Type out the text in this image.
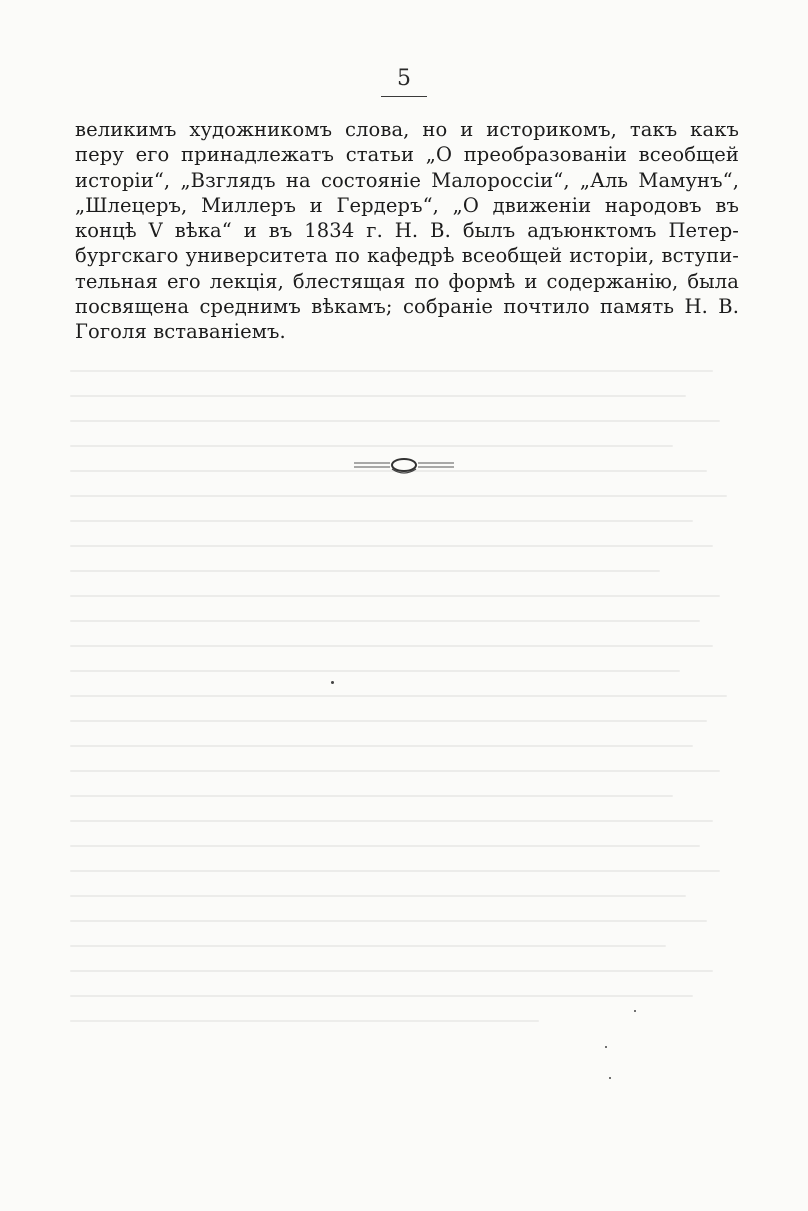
5
великимъ художникомъ слова, но и историкомъ, такъ какъ
перу его принадлежатъ статьи „О преобразованіи всеобщей
исторіи“, „Взглядъ на состояніе Малороссіи“, „Аль Мамунъ“,
„Шлецеръ, Миллеръ и Гердеръ“, „О движеніи народовъ въ
концѣ V вѣка“ и въ 1834 г. Н. В. былъ адъюнктомъ Петер-
бургскаго университета по кафедрѣ всеобщей исторіи, вступи-
тельная его лекція, блестящая по формѣ и содержанію, была
посвящена среднимъ вѣкамъ; собраніе почтило память Н. В.
Гоголя вставаніемъ.
